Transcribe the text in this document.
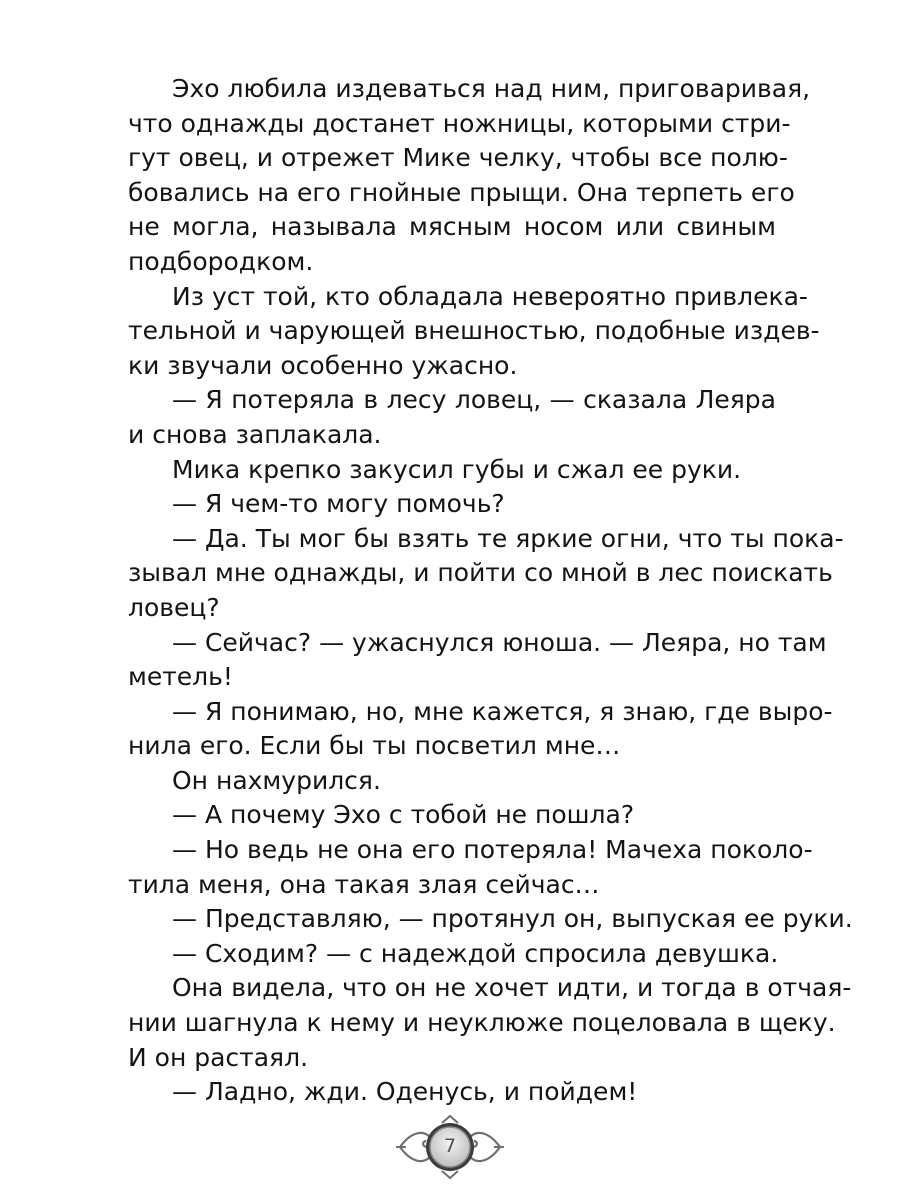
Эхо любила издеваться над ним, приговаривая,
что однажды достанет ножницы, которыми стри-
гут овец, и отрежет Мике челку, чтобы все полю-
бовались на его гнойные прыщи. Она терпеть его
не могла, называла мясным носом или свиным
подбородком.
Из уст той, кто обладала невероятно привлека-
тельной и чарующей внешностью, подобные издев-
ки звучали особенно ужасно.
— Я потеряла в лесу ловец, — сказала Леяра
и снова заплакала.
Мика крепко закусил губы и сжал ее руки.
— Я чем-то могу помочь?
— Да. Ты мог бы взять те яркие огни, что ты пока-
зывал мне однажды, и пойти со мной в лес поискать
ловец?
— Сейчас? — ужаснулся юноша. — Леяра, но там
метель!
— Я понимаю, но, мне кажется, я знаю, где выро-
нила его. Если бы ты посветил мне…
Он нахмурился.
— А почему Эхо с тобой не пошла?
— Но ведь не она его потеряла! Мачеха поколо-
тила меня, она такая злая сейчас…
— Представляю, — протянул он, выпуская ее руки.
— Сходим? — с надеждой спросила девушка.
Она видела, что он не хочет идти, и тогда в отчая-
нии шагнула к нему и неуклюже поцеловала в щеку.
И он растаял.
— Ладно, жди. Оденусь, и пойдем!
7
